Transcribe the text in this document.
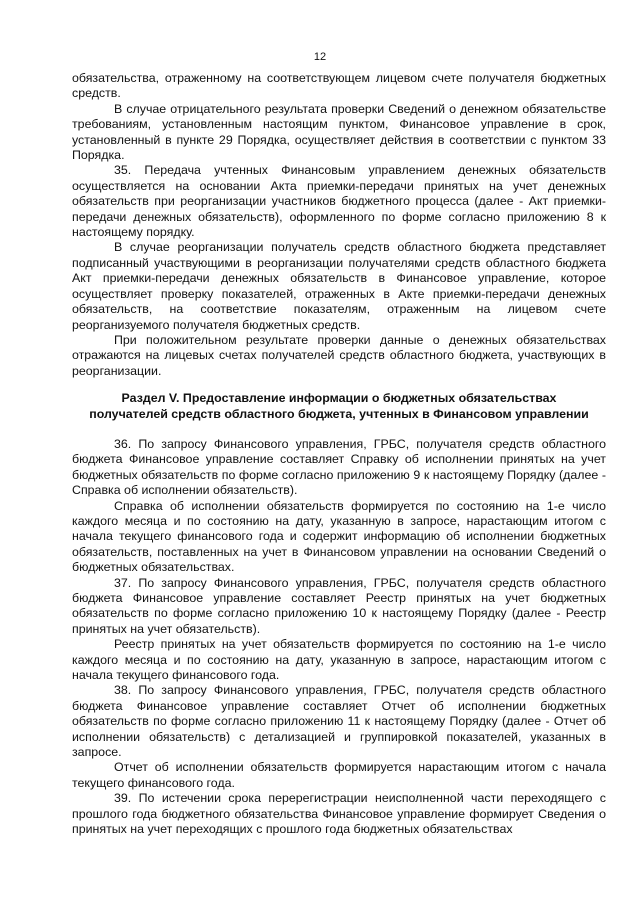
12

обязательства, отраженному на соответствующем лицевом счете получателя бюджетных средств.

В случае отрицательного результата проверки Сведений о денежном обязательстве требованиям, установленным настоящим пунктом, Финансовое управление в срок, установленный в пункте 29 Порядка, осуществляет действия в соответствии с пунктом 33 Порядка.

35. Передача учтенных Финансовым управлением денежных обязательств осуществляется на основании Акта приемки-передачи принятых на учет денежных обязательств при реорганизации участников бюджетного процесса (далее - Акт приемки-передачи денежных обязательств), оформленного по форме согласно приложению 8 к настоящему порядку.

В случае реорганизации получатель средств областного бюджета представляет подписанный участвующими в реорганизации получателями средств областного бюджета Акт приемки-передачи денежных обязательств в Финансовое управление, которое осуществляет проверку показателей, отраженных в Акте приемки-передачи денежных обязательств, на соответствие показателям, отраженным на лицевом счете реорганизуемого получателя бюджетных средств.

При положительном результате проверки данные о денежных обязательствах отражаются на лицевых счетах получателей средств областного бюджета, участвующих в реорганизации.

Раздел V. Предоставление информации о бюджетных обязательствах
получателей средств областного бюджета, учтенных в Финансовом управлении

36. По запросу Финансового управления, ГРБС, получателя средств областного бюджета Финансовое управление составляет Справку об исполнении принятых на учет бюджетных обязательств по форме согласно приложению 9 к настоящему Порядку (далее - Справка об исполнении обязательств).

Справка об исполнении обязательств формируется по состоянию на 1-е число каждого месяца и по состоянию на дату, указанную в запросе, нарастающим итогом с начала текущего финансового года и содержит информацию об исполнении бюджетных обязательств, поставленных на учет в Финансовом управлении на основании Сведений о бюджетных обязательствах.

37. По запросу Финансового управления, ГРБС, получателя средств областного бюджета Финансовое управление составляет Реестр принятых на учет бюджетных обязательств по форме согласно приложению 10 к настоящему Порядку (далее - Реестр принятых на учет обязательств).

Реестр принятых на учет обязательств формируется по состоянию на 1-е число каждого месяца и по состоянию на дату, указанную в запросе, нарастающим итогом с начала текущего финансового года.

38. По запросу Финансового управления, ГРБС, получателя средств областного бюджета Финансовое управление составляет Отчет об исполнении бюджетных обязательств по форме согласно приложению 11 к настоящему Порядку (далее - Отчет об исполнении обязательств) с детализацией и группировкой показателей, указанных в запросе.

Отчет об исполнении обязательств формируется нарастающим итогом с начала текущего финансового года.

39. По истечении срока перерегистрации неисполненной части переходящего с прошлого года бюджетного обязательства Финансовое управление формирует Сведения о принятых на учет переходящих с прошлого года бюджетных обязательствах
